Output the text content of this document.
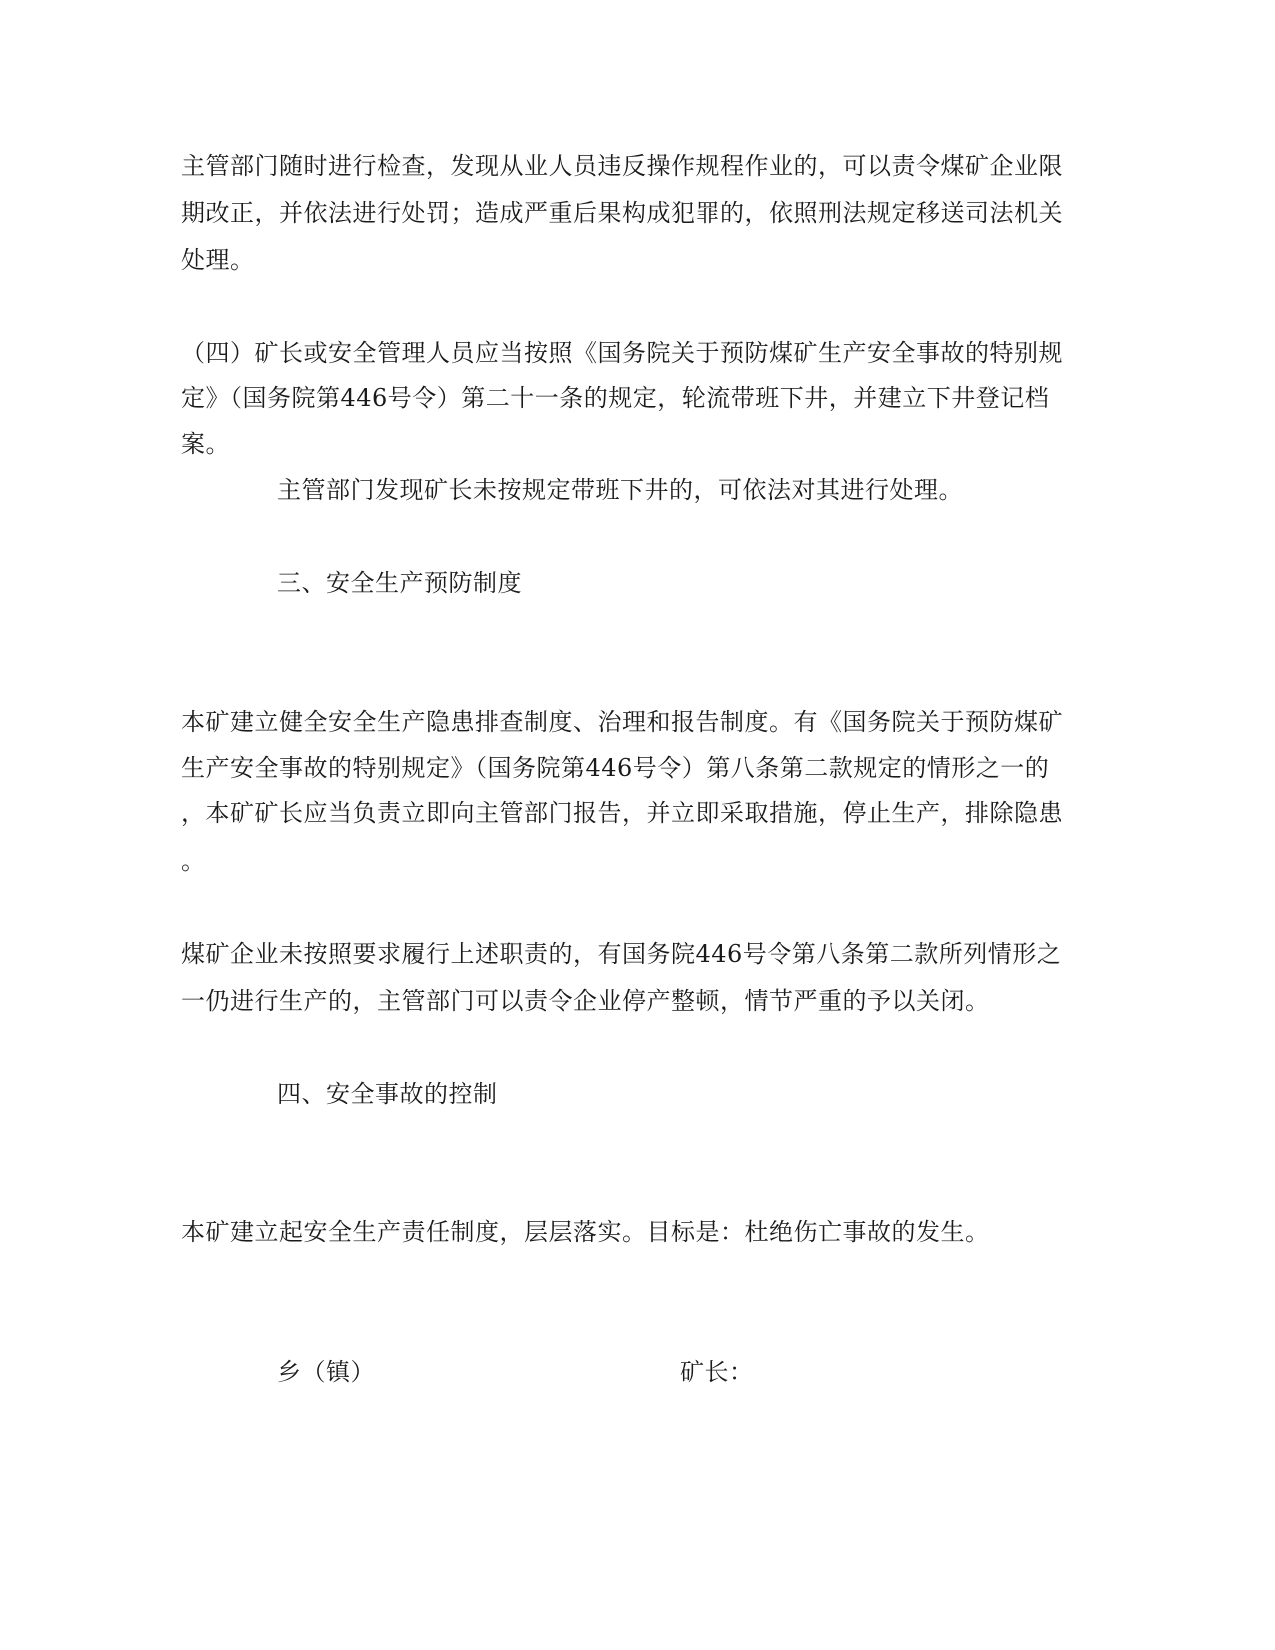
主管部门随时进行检查，发现从业人员违反操作规程作业的，可以责令煤矿企业限
期改正，并依法进行处罚；造成严重后果构成犯罪的，依照刑法规定移送司法机关
处理。
（四）矿长或安全管理人员应当按照《国务院关于预防煤矿生产安全事故的特别规
定》（国务院第446号令）第二十一条的规定，轮流带班下井，并建立下井登记档
案。
主管部门发现矿长未按规定带班下井的，可依法对其进行处理。
三、安全生产预防制度
本矿建立健全安全生产隐患排查制度、治理和报告制度。有《国务院关于预防煤矿
生产安全事故的特别规定》（国务院第446号令）第八条第二款规定的情形之一的
，本矿矿长应当负责立即向主管部门报告，并立即采取措施，停止生产，排除隐患
。
煤矿企业未按照要求履行上述职责的，有国务院446号令第八条第二款所列情形之
一仍进行生产的，主管部门可以责令企业停产整顿，情节严重的予以关闭。
四、安全事故的控制
本矿建立起安全生产责任制度，层层落实。目标是：杜绝伤亡事故的发生。
乡（镇）	矿长：
